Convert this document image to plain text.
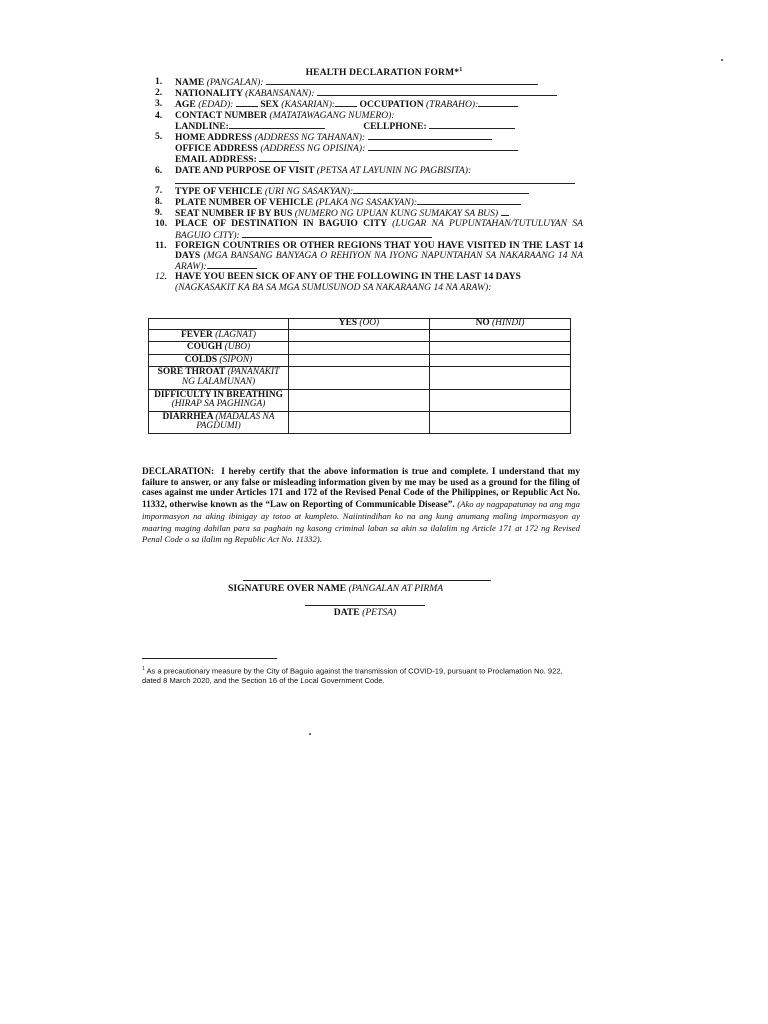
HEALTH DECLARATION FORM*$^1$
1.	NAME (PANGALAN):
2.	NATIONALITY (KABANSANAN):
3.	AGE (EDAD):	SEX (KASARIAN):	OCCUPATION (TRABAHO):
4.	CONTACT NUMBER (MATATAWAGANG NUMERO):
LANDLINE:	CELLPHONE:
5.	HOME ADDRESS (ADDRESS NG TAHANAN):
OFFICE ADDRESS (ADDRESS NG OPISINA):
EMAIL ADDRESS:
6.	DATE AND PURPOSE OF VISIT (PETSA AT LAYUNIN NG PAGBISITA):
7.	TYPE OF VEHICLE (URI NG SASAKYAN):
8.	PLATE NUMBER OF VEHICLE (PLAKA NG SASAKYAN):
9.	SEAT NUMBER IF BY BUS (NUMERO NG UPUAN KUNG SUMAKAY SA BUS)
10. PLACE OF DESTINATION IN BAGUIO CITY (LUGAR NA PUPUNTAHAN/TUTULUYAN SA BAGUIO CITY):
11. FOREIGN COUNTRIES OR OTHER REGIONS THAT YOU HAVE VISITED IN THE LAST 14 DAYS (MGA BANSANG BANYAGA O REHIYON NA IYONG NAPUNTAHAN SA NAKARAANG 14 NA ARAW):
12. HAVE YOU BEEN SICK OF ANY OF THE FOLLOWING IN THE LAST 14 DAYS (NAGKASAKIT KA BA SA MGA SUMUSUNOD SA NAKARAANG 14 NA ARAW):
	YES (OO)	NO (HINDI)
FEVER (LAGNAT)		
COUGH (UBO)		
COLDS (SIPON)		
SORE THROAT (PANANAKIT NG LALAMUNAN)		
DIFFICULTY IN BREATHING (HIRAP SA PAGHINGA)		
DIARRHEA (MADALAS NA PAGDUMI)		
DECLARATION: I hereby certify that the above information is true and complete. I understand that my failure to answer, or any false or misleading information given by me may be used as a ground for the filing of cases against me under Articles 171 and 172 of the Revised Penal Code of the Philippines, or Republic Act No. 11332, otherwise known as the “Law on Reporting of Communicable Disease”. (Ako ay nagpapatunay na ang mga impormasyon na aking ibinigay ay totoo at kumpleto. Naiintindihan ko na ang kung anumang maling impormasyon ay maaring maging dahilan para sa paghain ng kasong criminal laban sa akin sa ilalalim ng Article 171 at 172 ng Revised Penal Code o sa ilalim ng Republic Act No. 11332).
SIGNATURE OVER NAME (PANGALAN AT PIRMA
DATE (PETSA)
$^1$ As a precautionary measure by the City of Baguio against the transmission of COVID-19, pursuant to Proclamation No. 922, dated 8 March 2020, and the Section 16 of the Local Government Code.
